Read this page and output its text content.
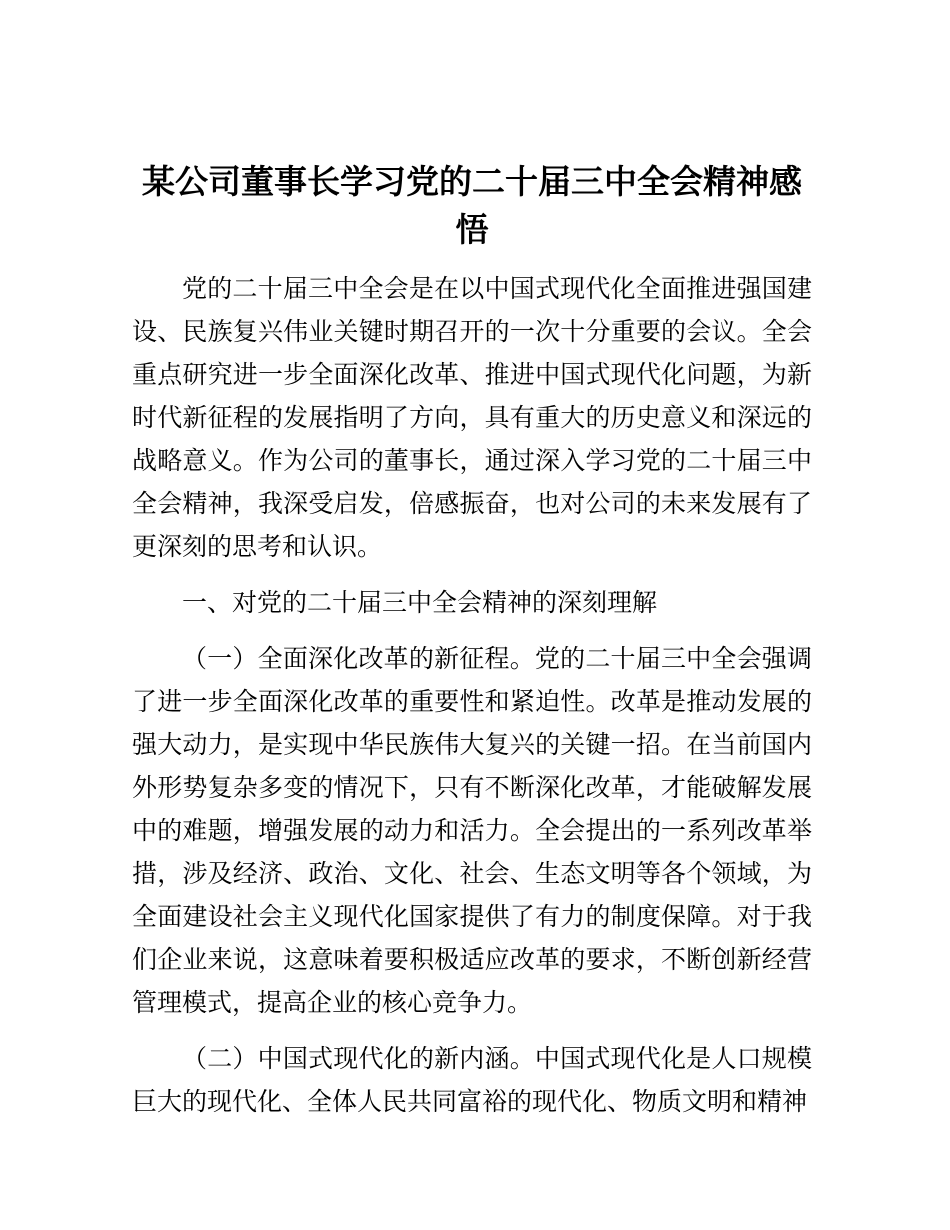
某公司董事长学习党的二十届三中全会精神感悟

党的二十届三中全会是在以中国式现代化全面推进强国建设、民族复兴伟业关键时期召开的一次十分重要的会议。全会重点研究进一步全面深化改革、推进中国式现代化问题，为新时代新征程的发展指明了方向，具有重大的历史意义和深远的战略意义。作为公司的董事长，通过深入学习党的二十届三中全会精神，我深受启发，倍感振奋，也对公司的未来发展有了更深刻的思考和认识。

一、对党的二十届三中全会精神的深刻理解

（一）全面深化改革的新征程。党的二十届三中全会强调了进一步全面深化改革的重要性和紧迫性。改革是推动发展的强大动力，是实现中华民族伟大复兴的关键一招。在当前国内外形势复杂多变的情况下，只有不断深化改革，才能破解发展中的难题，增强发展的动力和活力。全会提出的一系列改革举措，涉及经济、政治、文化、社会、生态文明等各个领域，为全面建设社会主义现代化国家提供了有力的制度保障。对于我们企业来说，这意味着要积极适应改革的要求，不断创新经营管理模式，提高企业的核心竞争力。

（二）中国式现代化的新内涵。中国式现代化是人口规模巨大的现代化、全体人民共同富裕的现代化、物质文明和精神
